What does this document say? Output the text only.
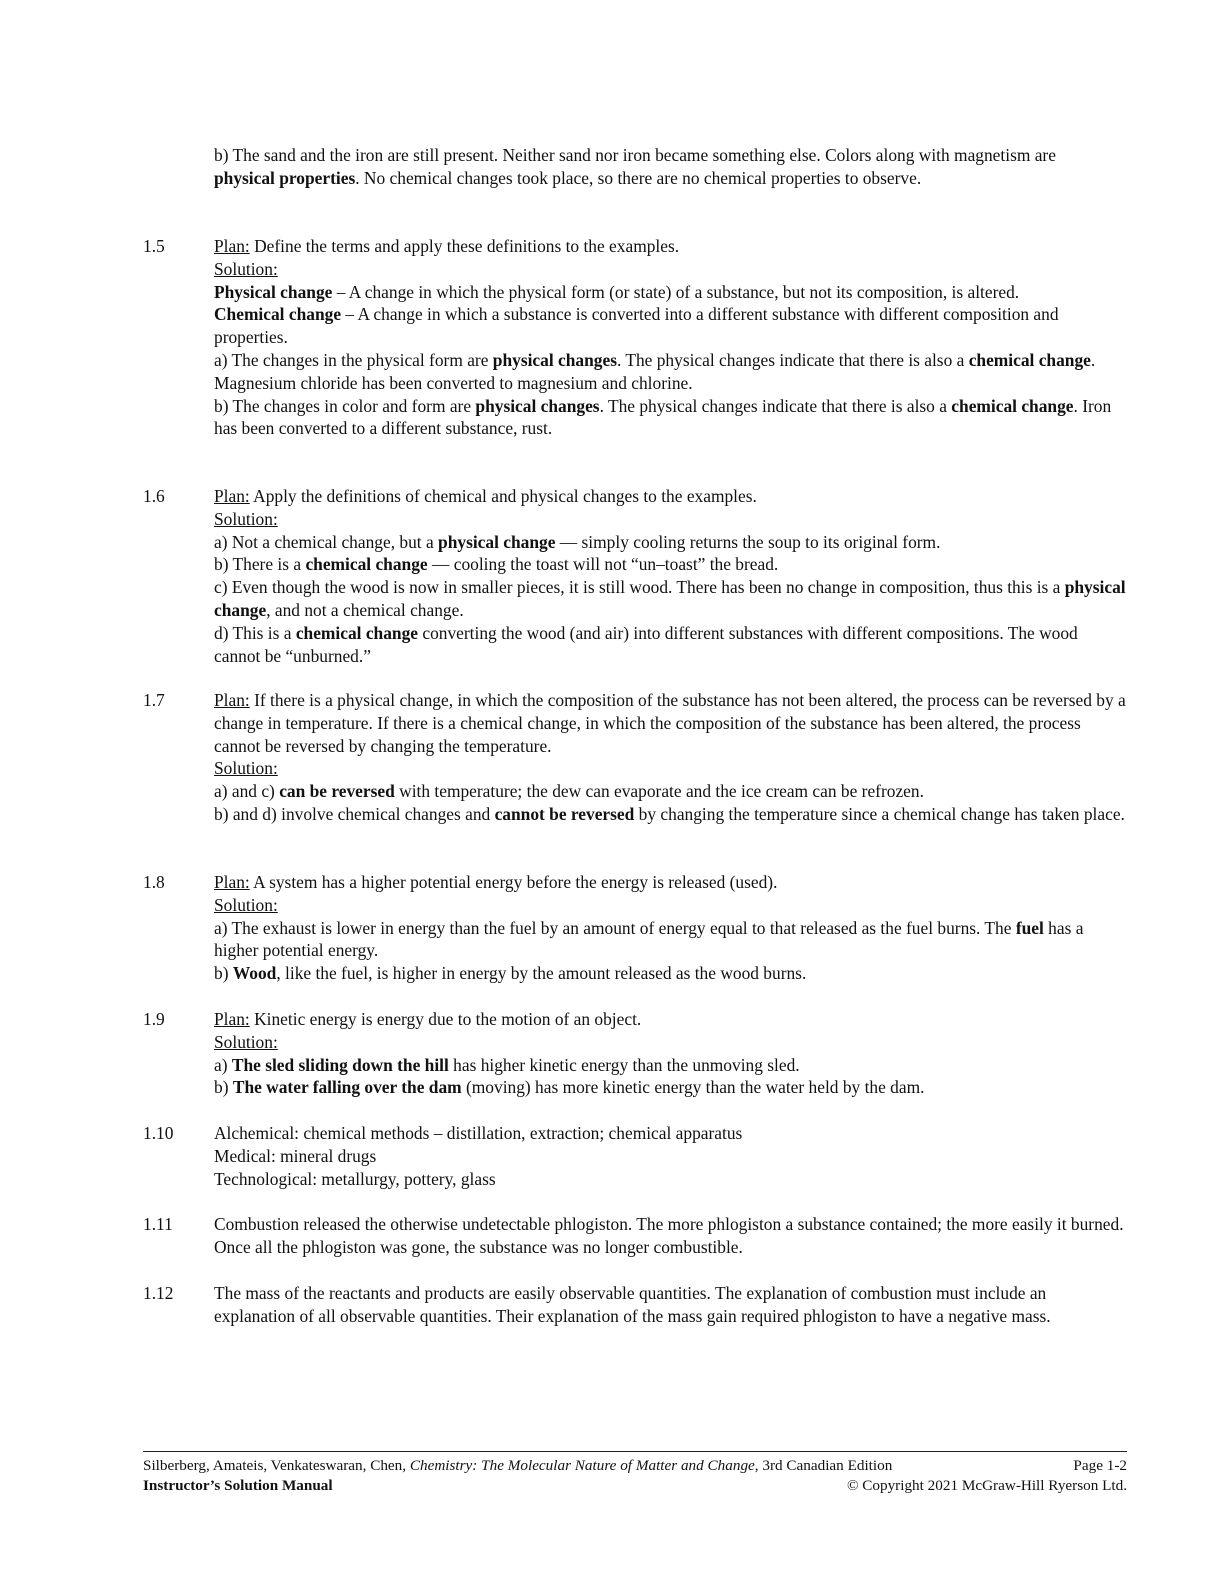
b) The sand and the iron are still present. Neither sand nor iron became something else. Colors along with magnetism are physical properties. No chemical changes took place, so there are no chemical properties to observe.

1.5	Plan: Define the terms and apply these definitions to the examples.

Solution:

Physical change – A change in which the physical form (or state) of a substance, but not its composition, is altered.

Chemical change – A change in which a substance is converted into a different substance with different composition and properties.

a) The changes in the physical form are physical changes. The physical changes indicate that there is also a chemical change. Magnesium chloride has been converted to magnesium and chlorine.

b) The changes in color and form are physical changes. The physical changes indicate that there is also a chemical change. Iron has been converted to a different substance, rust.

1.6	Plan: Apply the definitions of chemical and physical changes to the examples.

Solution:

a) Not a chemical change, but a physical change — simply cooling returns the soup to its original form.

b) There is a chemical change — cooling the toast will not “un–toast” the bread.

c) Even though the wood is now in smaller pieces, it is still wood. There has been no change in composition, thus this is a physical change, and not a chemical change.

d) This is a chemical change converting the wood (and air) into different substances with different compositions. The wood cannot be “unburned.”

1.7	Plan: If there is a physical change, in which the composition of the substance has not been altered, the process can be reversed by a change in temperature. If there is a chemical change, in which the composition of the substance has been altered, the process cannot be reversed by changing the temperature.

Solution:

a) and c) can be reversed with temperature; the dew can evaporate and the ice cream can be refrozen.

b) and d) involve chemical changes and cannot be reversed by changing the temperature since a chemical change has taken place.

1.8	Plan: A system has a higher potential energy before the energy is released (used).

Solution:

a) The exhaust is lower in energy than the fuel by an amount of energy equal to that released as the fuel burns. The fuel has a higher potential energy.

b) Wood, like the fuel, is higher in energy by the amount released as the wood burns.

1.9	Plan: Kinetic energy is energy due to the motion of an object.

Solution:

a) The sled sliding down the hill has higher kinetic energy than the unmoving sled.

b) The water falling over the dam (moving) has more kinetic energy than the water held by the dam.

1.10	Alchemical: chemical methods – distillation, extraction; chemical apparatus

Medical: mineral drugs

Technological: metallurgy, pottery, glass

1.11	Combustion released the otherwise undetectable phlogiston. The more phlogiston a substance contained; the more easily it burned. Once all the phlogiston was gone, the substance was no longer combustible.

1.12	The mass of the reactants and products are easily observable quantities. The explanation of combustion must include an explanation of all observable quantities. Their explanation of the mass gain required phlogiston to have a negative mass.

Silberberg, Amateis, Venkateswaran, Chen, Chemistry: The Molecular Nature of Matter and Change, 3rd Canadian Edition	Page 1-2
Instructor’s Solution Manual	© Copyright 2021 McGraw-Hill Ryerson Ltd.
